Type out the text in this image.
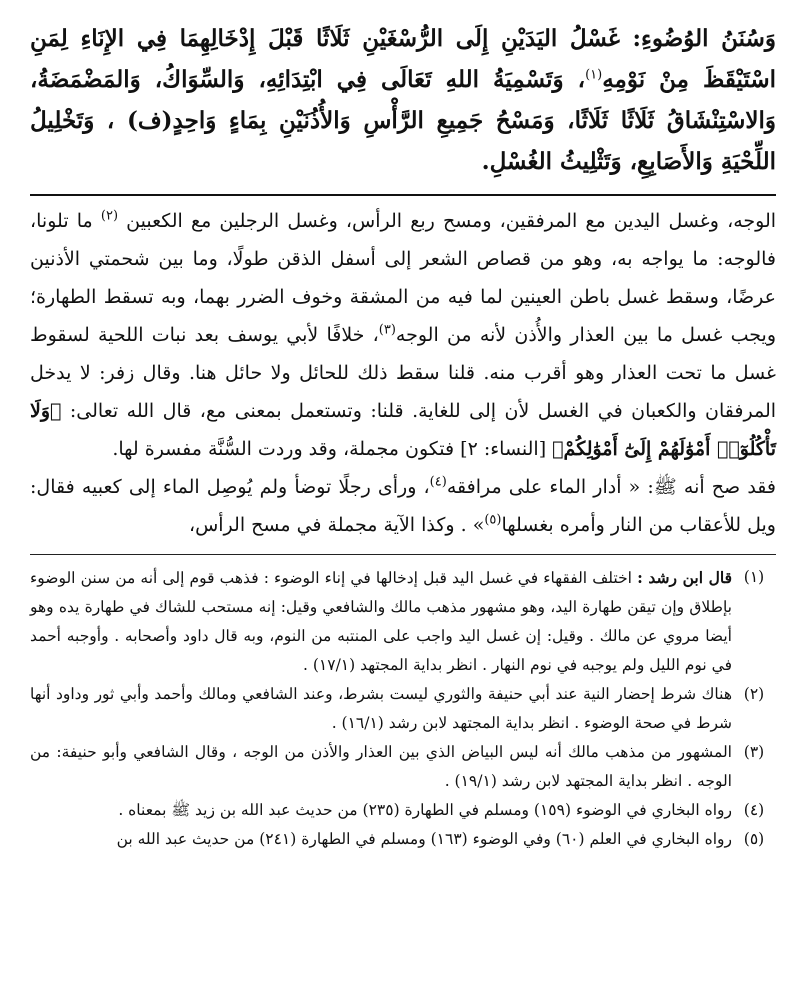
وَسُنَنُ الوُضُوءِ: غَسْلُ اليَدَيْنِ إِلَى الرُّسْغَيْنِ ثَلَاثًا قَبْلَ إِدْخَالِهِمَا فِي الإِنَاءِ لِمَنِ اسْتَيْقَظَ مِنْ نَوْمِهِ$^{(١)}$، وَتَسْمِيَةُ اللهِ تَعَالَى فِي ابْتِدَائِهِ، وَالسِّوَاكُ، وَالمَضْمَضَةُ، وَالاسْتِنْشَاقُ ثَلَاثًا ثَلَاثًا، وَمَسْحُ جَمِيعِ الرَّأْسِ وَالأُذُنَيْنِ بِمَاءٍ وَاحِدٍ(ف) ، وَتَخْلِيلُ اللِّحْيَةِ وَالأَصَابِعِ، وَتَثْلِيثُ الغُسْلِ.

الوجه، وغسل اليدين مع المرفقين، ومسح ربع الرأس، وغسل الرجلين مع الكعبين $^{(٢)}$ ما تلونا، فالوجه: ما يواجه به، وهو من قصاص الشعر إلى أسفل الذقن طولًا، وما بين شحمتي الأذنين عرضًا، وسقط غسل باطن العينين لما فيه من المشقة وخوف الضرر بهما، وبه تسقط الطهارة؛ ويجب غسل ما بين العذار والأُذن لأنه من الوجه$^{(٣)}$، خلافًا لأبي يوسف بعد نبات اللحية لسقوط غسل ما تحت العذار وهو أقرب منه. قلنا سقط ذلك للحائل ولا حائل هنا. وقال زفر: لا يدخل المرفقان والكعبان في الغسل لأن إلى للغاية. قلنا: وتستعمل بمعنى مع، قال الله تعالى: ﴿وَلَا تَأْكُلُوٓا۟ أَمْوَٰلَهُمْ إِلَىٰٓ أَمْوَٰلِكُمْ﴾ [النساء: ٢] فتكون مجملة، وقد وردت السُّنَّة مفسرة لها.

فقد صح أنه ﷺ: « أدار الماء على مرافقه$^{(٤)}$، ورأى رجلًا توضأ ولم يُوصِل الماء إلى كعبيه فقال: ويل للأعقاب من النار وأمره بغسلها$^{(٥)}$» . وكذا الآية مجملة في مسح الرأس،

(١)
قال ابن رشد : اختلف الفقهاء في غسل اليد قبل إدخالها في إناء الوضوء : فذهب قوم إلى أنه من سنن الوضوء بإطلاق وإن تيقن طهارة اليد، وهو مشهور مذهب مالك والشافعي وقيل: إنه مستحب للشاك في طهارة يده وهو أيضا مروي عن مالك . وقيل: إن غسل اليد واجب على المنتبه من النوم، وبه قال داود وأصحابه . وأوجبه أحمد في نوم الليل ولم يوجبه في نوم النهار . انظر بداية المجتهد (١٧/١) .
(٢)
هناك شرط إحضار النية عند أبي حنيفة والثوري ليست بشرط، وعند الشافعي ومالك وأحمد وأبي ثور وداود أنها شرط في صحة الوضوء . انظر بداية المجتهد لابن رشد (١٦/١) .
(٣)
المشهور من مذهب مالك أنه ليس البياض الذي بين العذار والأذن من الوجه ، وقال الشافعي وأبو حنيفة: من الوجه . انظر بداية المجتهد لابن رشد (١٩/١) .
(٤)
رواه البخاري في الوضوء (١٥٩) ومسلم في الطهارة (٢٣٥) من حديث عبد الله بن زيد ﷺ بمعناه .
(٥)
رواه البخاري في العلم (٦٠) وفي الوضوء (١٦٣) ومسلم في الطهارة (٢٤١) من حديث عبد الله بن
